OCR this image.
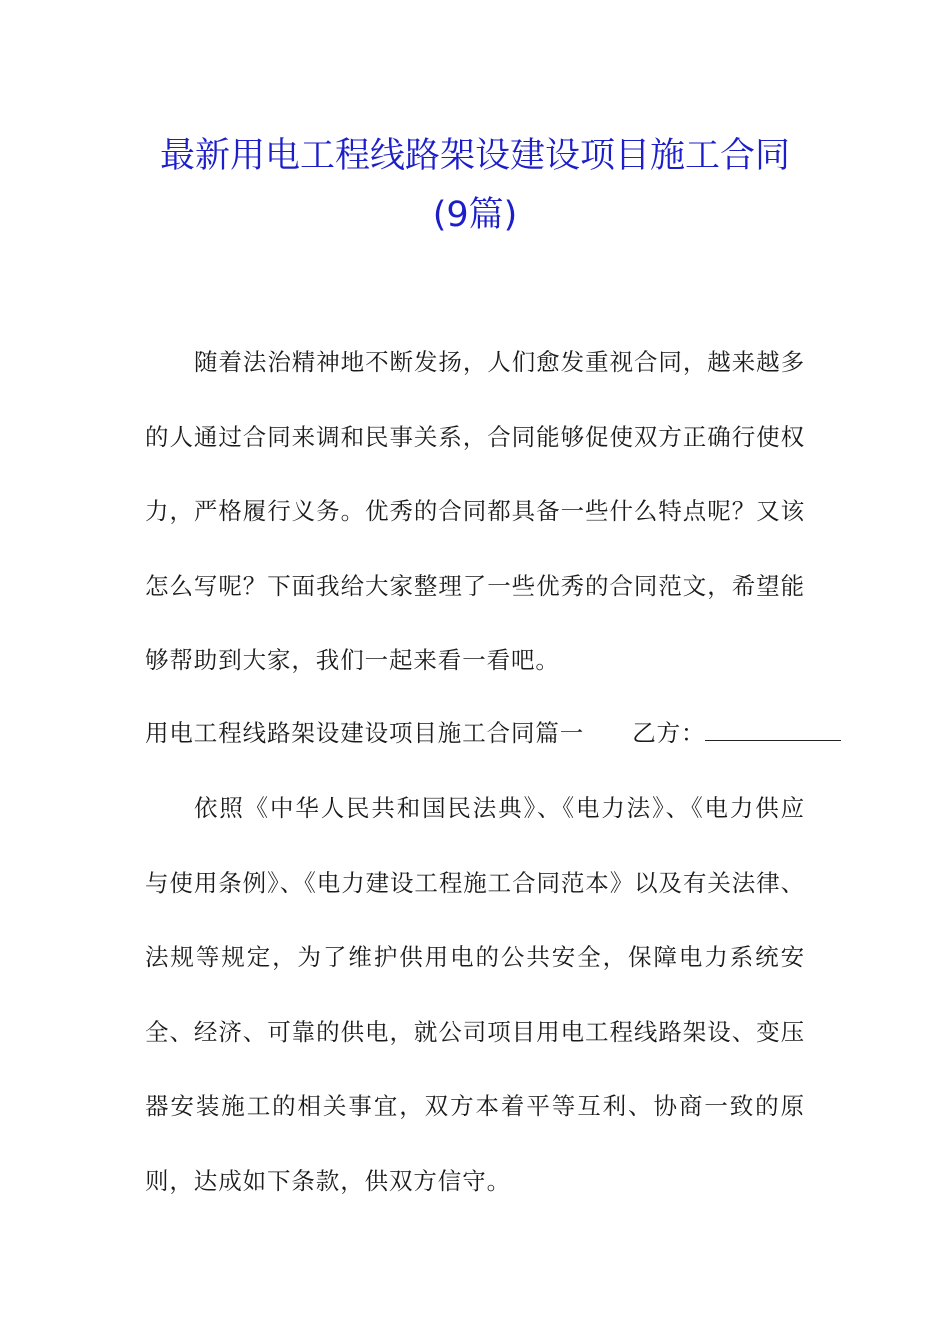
最新用电工程线路架设建设项目施工合同
(9篇)
随着法治精神地不断发扬，人们愈发重视合同，越来越多的人通过合同来调和民事关系，合同能够促使双方正确行使权力，严格履行义务。优秀的合同都具备一些什么特点呢？又该怎么写呢？下面我给大家整理了一些优秀的合同范文，希望能够帮助到大家，我们一起来看一看吧。
用电工程线路架设建设项目施工合同篇一 乙方：
依照《中华人民共和国民法典》、《电力法》、《电力供应与使用条例》、《电力建设工程施工合同范本》以及有关法律、法规等规定，为了维护供用电的公共安全，保障电力系统安全、经济、可靠的供电，就公司项目用电工程线路架设、变压器安装施工的相关事宜，双方本着平等互利、协商一致的原则，达成如下条款，供双方信守。
